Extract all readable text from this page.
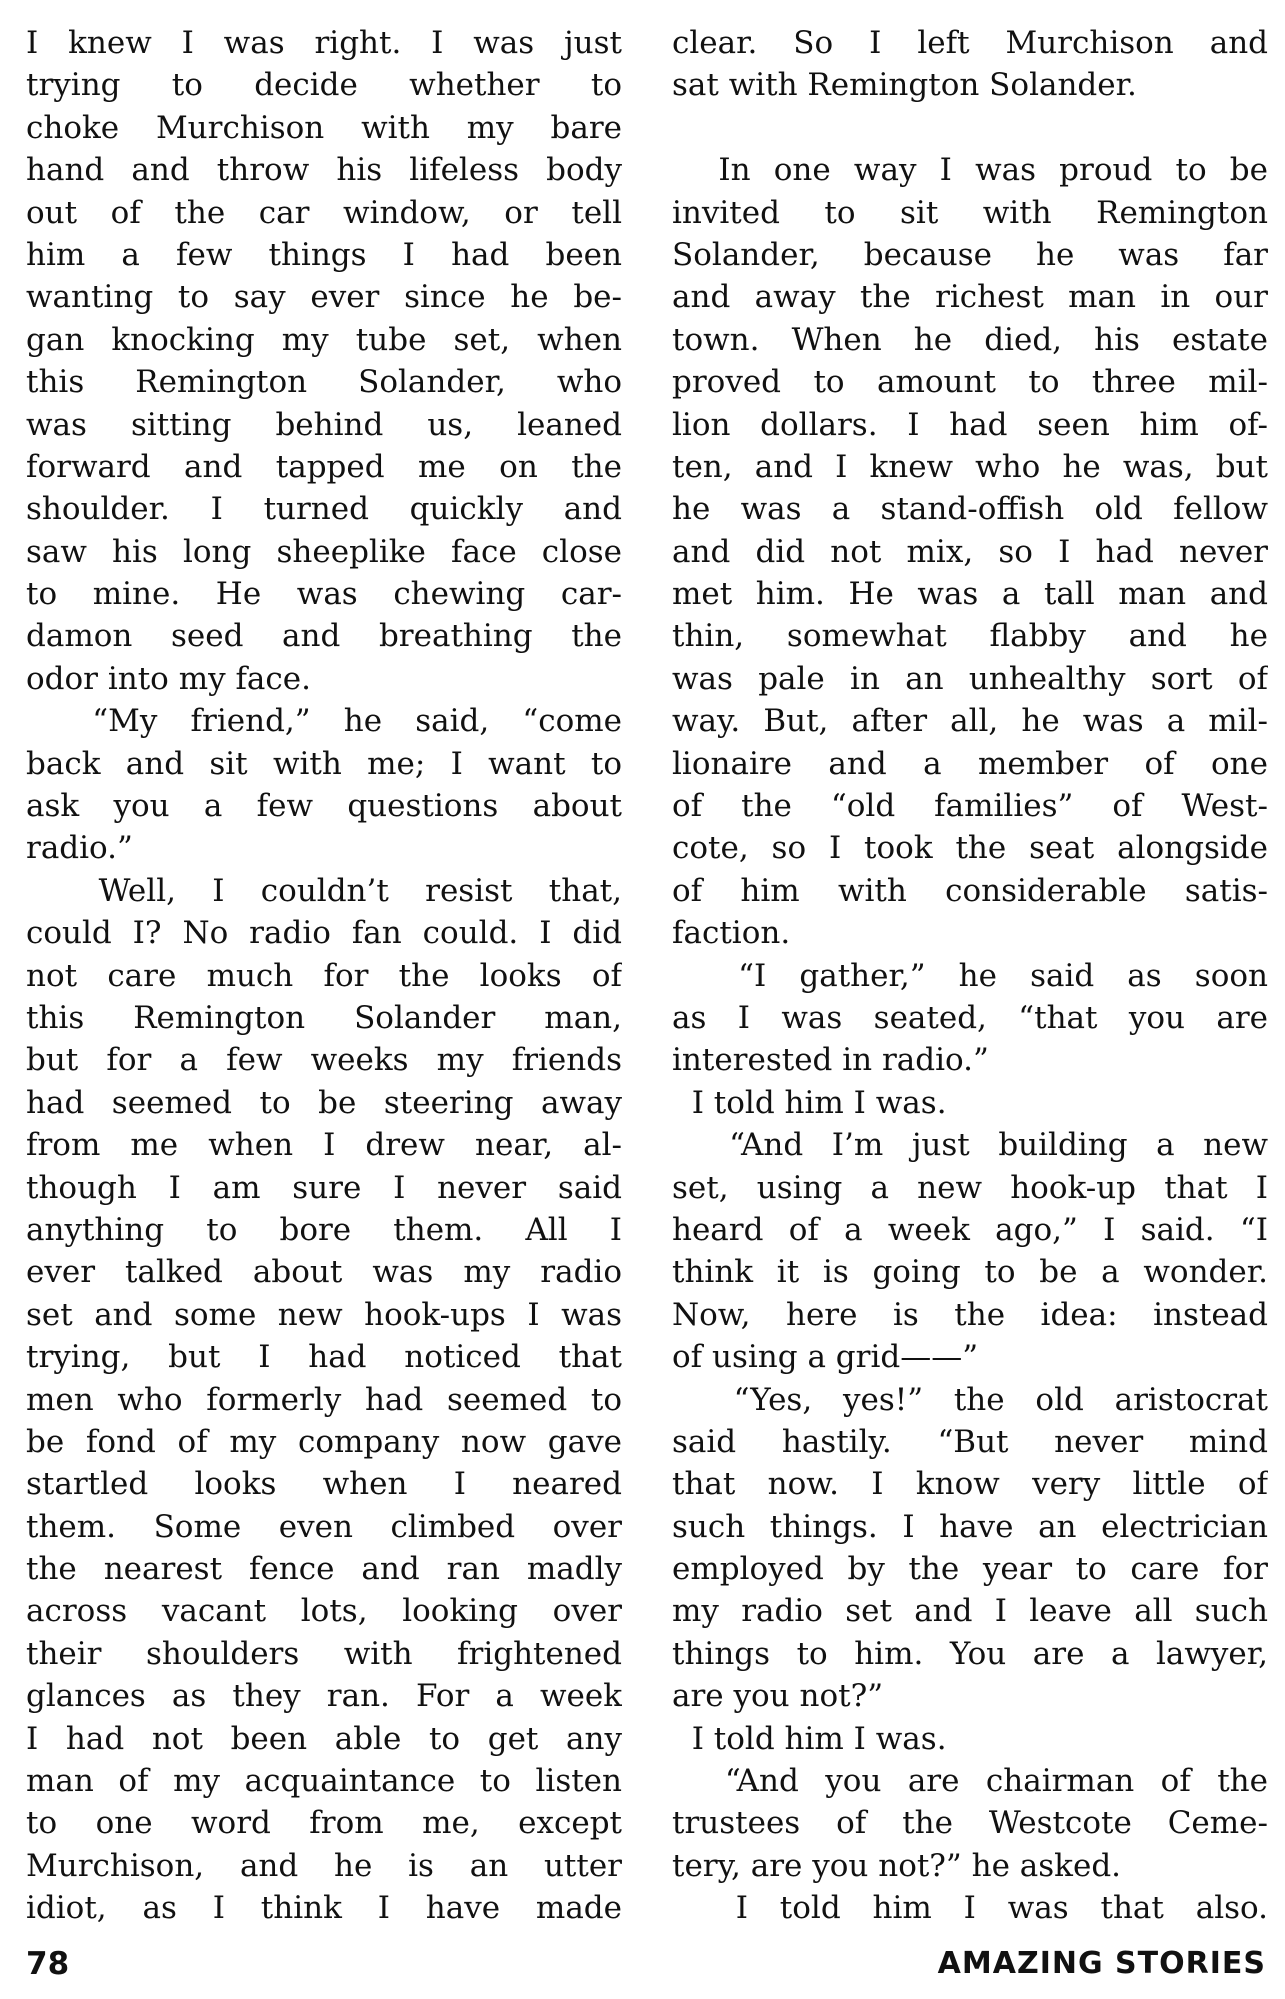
I knew I was right. I was just
trying to decide whether to
choke Murchison with my bare
hand and throw his lifeless body
out of the car window, or tell
him a few things I had been
wanting to say ever since he be-
gan knocking my tube set, when
this Remington Solander, who
was sitting behind us, leaned
forward and tapped me on the
shoulder. I turned quickly and
saw his long sheeplike face close
to mine. He was chewing car-
damon seed and breathing the
odor into my face.
“My friend,” he said, “come
back and sit with me; I want to
ask you a few questions about
radio.”
Well, I couldn’t resist that,
could I? No radio fan could. I did
not care much for the looks of
this Remington Solander man,
but for a few weeks my friends
had seemed to be steering away
from me when I drew near, al-
though I am sure I never said
anything to bore them. All I
ever talked about was my radio
set and some new hook-ups I was
trying, but I had noticed that
men who formerly had seemed to
be fond of my company now gave
startled looks when I neared
them. Some even climbed over
the nearest fence and ran madly
across vacant lots, looking over
their shoulders with frightened
glances as they ran. For a week
I had not been able to get any
man of my acquaintance to listen
to one word from me, except
Murchison, and he is an utter
idiot, as I think I have made
clear. So I left Murchison and
sat with Remington Solander.
In one way I was proud to be
invited to sit with Remington
Solander, because he was far
and away the richest man in our
town. When he died, his estate
proved to amount to three mil-
lion dollars. I had seen him of-
ten, and I knew who he was, but
he was a stand-offish old fellow
and did not mix, so I had never
met him. He was a tall man and
thin, somewhat flabby and he
was pale in an unhealthy sort of
way. But, after all, he was a mil-
lionaire and a member of one
of the “old families” of West-
cote, so I took the seat alongside
of him with considerable satis-
faction.
“I gather,” he said as soon
as I was seated, “that you are
interested in radio.”
I told him I was.
“And I’m just building a new
set, using a new hook-up that I
heard of a week ago,” I said. “I
think it is going to be a wonder.
Now, here is the idea: instead
of using a grid——”
“Yes, yes!” the old aristocrat
said hastily. “But never mind
that now. I know very little of
such things. I have an electrician
employed by the year to care for
my radio set and I leave all such
things to him. You are a lawyer,
are you not?”
I told him I was.
“And you are chairman of the
trustees of the Westcote Ceme-
tery, are you not?” he asked.
I told him I was that also.
78	AMAZING STORIES
